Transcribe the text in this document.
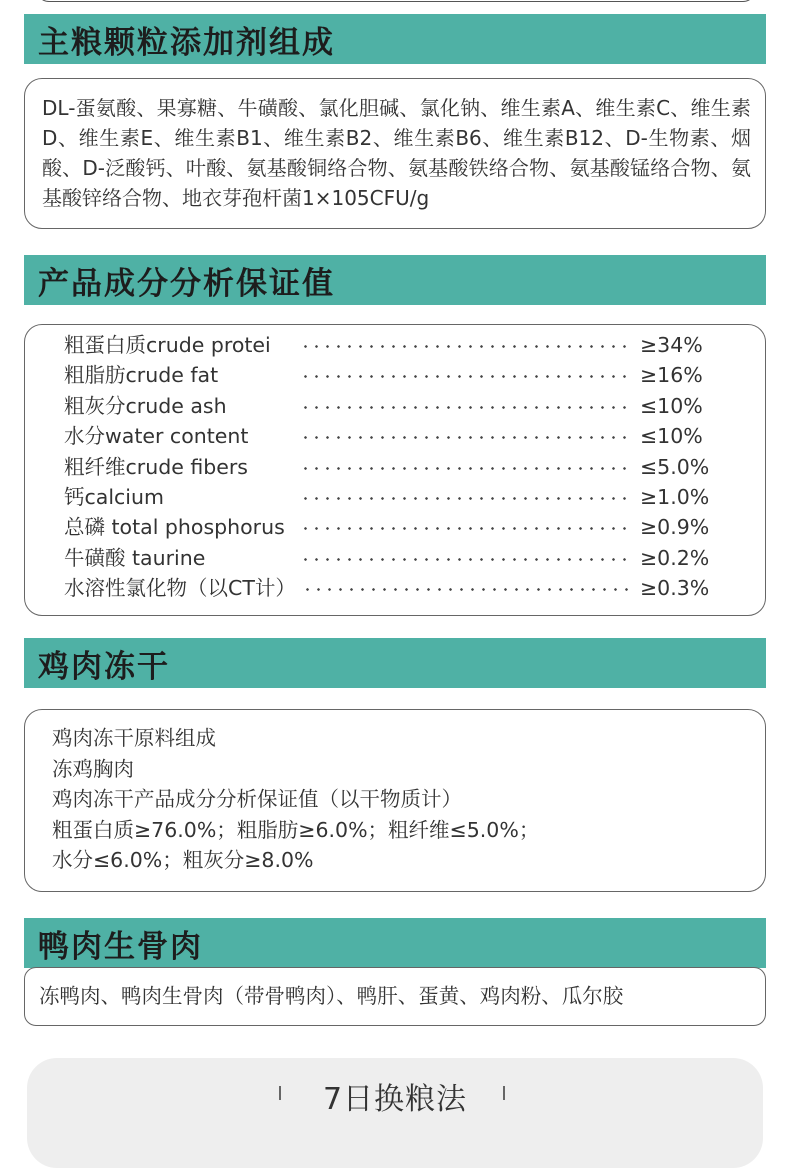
主粮颗粒添加剂组成
DL-蛋氨酸、果寡糖、牛磺酸、氯化胆碱、氯化钠、维生素A、维生素C、维生素D、维生素E、维生素B1、维生素B2、维生素B6、维生素B12、D-生物素、烟酸、D-泛酸钙、叶酸、氨基酸铜络合物、氨基酸铁络合物、氨基酸锰络合物、氨基酸锌络合物、地衣芽孢杆菌1×105CFU/g
产品成分分析保证值
粗蛋白质crude protei	≥34%
粗脂肪crude fat	≥16%
粗灰分crude ash	≤10%
水分water content	≤10%
粗纤维crude fibers	≤5.0%
钙calcium	≥1.0%
总磷 total phosphorus	≥0.9%
牛磺酸 taurine	≥0.2%
水溶性氯化物（以CT计）	≥0.3%
鸡肉冻干
鸡肉冻干原料组成
冻鸡胸肉
鸡肉冻干产品成分分析保证值（以干物质计）
粗蛋白质≥76.0%；粗脂肪≥6.0%；粗纤维≤5.0%；
水分≤6.0%；粗灰分≥8.0%
鸭肉生骨肉
冻鸭肉、鸭肉生骨肉（带骨鸭肉）、鸭肝、蛋黄、鸡肉粉、瓜尔胶
7日换粮法
